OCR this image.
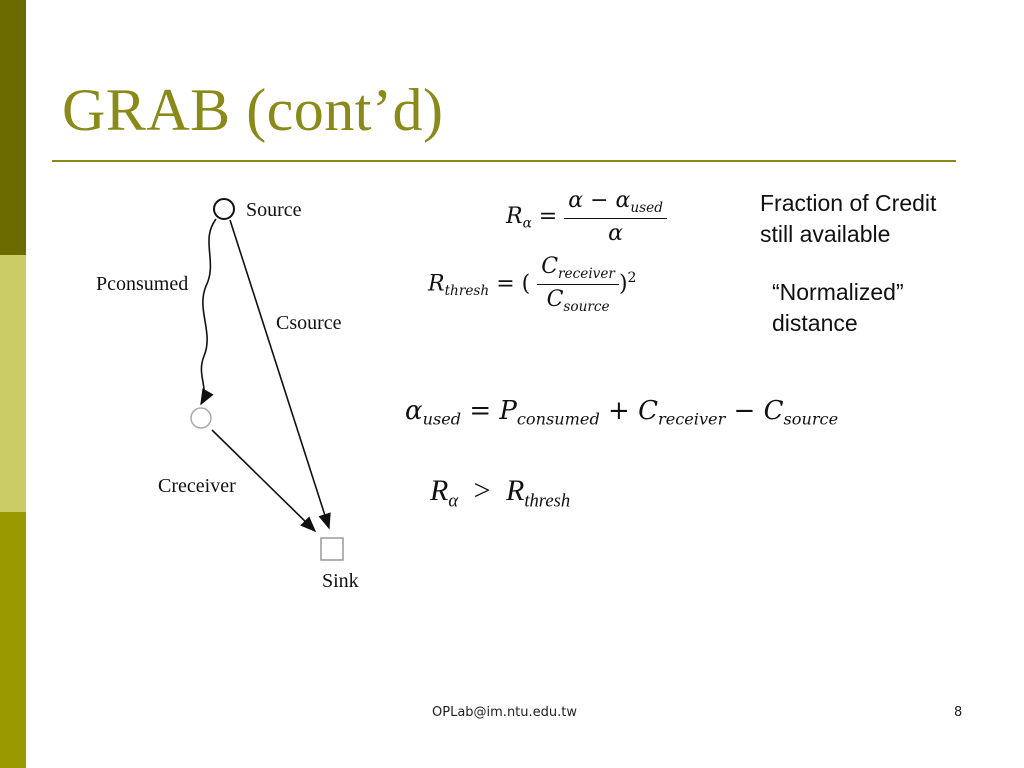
GRAB (cont’d)
Source
Pconsumed
Csource
Creceiver
Sink
$R_\alpha = \frac{\alpha - \alpha_{used}}{\alpha}$
$R_{thresh}$ = ( $\frac{C_{receiver}}{C_{source}} )^2$
$\alpha_{used} = P_{consumed} + C_{receiver} - C_{source}$
$R_\alpha > R_{thresh}$
Fraction of Credit
still available
“Normalized”
distance
OPLab@im.ntu.edu.tw	8
